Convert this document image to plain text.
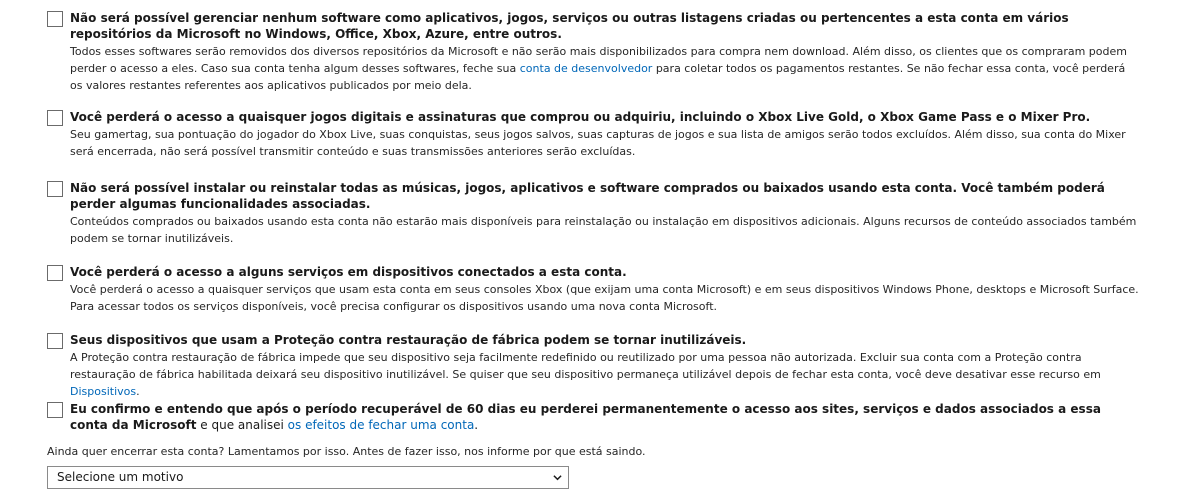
Não será possível gerenciar nenhum software como aplicativos, jogos, serviços ou outras listagens criadas ou pertencentes a esta conta em vários repositórios da Microsoft no Windows, Office, Xbox, Azure, entre outros.
Todos esses softwares serão removidos dos diversos repositórios da Microsoft e não serão mais disponibilizados para compra nem download. Além disso, os clientes que os compraram podem perder o acesso a eles. Caso sua conta tenha algum desses softwares, feche sua conta de desenvolvedor para coletar todos os pagamentos restantes. Se não fechar essa conta, você perderá os valores restantes referentes aos aplicativos publicados por meio dela.
Você perderá o acesso a quaisquer jogos digitais e assinaturas que comprou ou adquiriu, incluindo o Xbox Live Gold, o Xbox Game Pass e o Mixer Pro.
Seu gamertag, sua pontuação do jogador do Xbox Live, suas conquistas, seus jogos salvos, suas capturas de jogos e sua lista de amigos serão todos excluídos. Além disso, sua conta do Mixer será encerrada, não será possível transmitir conteúdo e suas transmissões anteriores serão excluídas.
Não será possível instalar ou reinstalar todas as músicas, jogos, aplicativos e software comprados ou baixados usando esta conta. Você também poderá perder algumas funcionalidades associadas.
Conteúdos comprados ou baixados usando esta conta não estarão mais disponíveis para reinstalação ou instalação em dispositivos adicionais. Alguns recursos de conteúdo associados também podem se tornar inutilizáveis.
Você perderá o acesso a alguns serviços em dispositivos conectados a esta conta.
Você perderá o acesso a quaisquer serviços que usam esta conta em seus consoles Xbox (que exijam uma conta Microsoft) e em seus dispositivos Windows Phone, desktops e Microsoft Surface. Para acessar todos os serviços disponíveis, você precisa configurar os dispositivos usando uma nova conta Microsoft.
Seus dispositivos que usam a Proteção contra restauração de fábrica podem se tornar inutilizáveis.
A Proteção contra restauração de fábrica impede que seu dispositivo seja facilmente redefinido ou reutilizado por uma pessoa não autorizada. Excluir sua conta com a Proteção contra restauração de fábrica habilitada deixará seu dispositivo inutilizável. Se quiser que seu dispositivo permaneça utilizável depois de fechar esta conta, você deve desativar esse recurso em Dispositivos.
Eu confirmo e entendo que após o período recuperável de 60 dias eu perderei permanentemente o acesso aos sites, serviços e dados associados a essa conta da Microsoft e que analisei os efeitos de fechar uma conta.
Ainda quer encerrar esta conta? Lamentamos por isso. Antes de fazer isso, nos informe por que está saindo.
Selecione um motivo
